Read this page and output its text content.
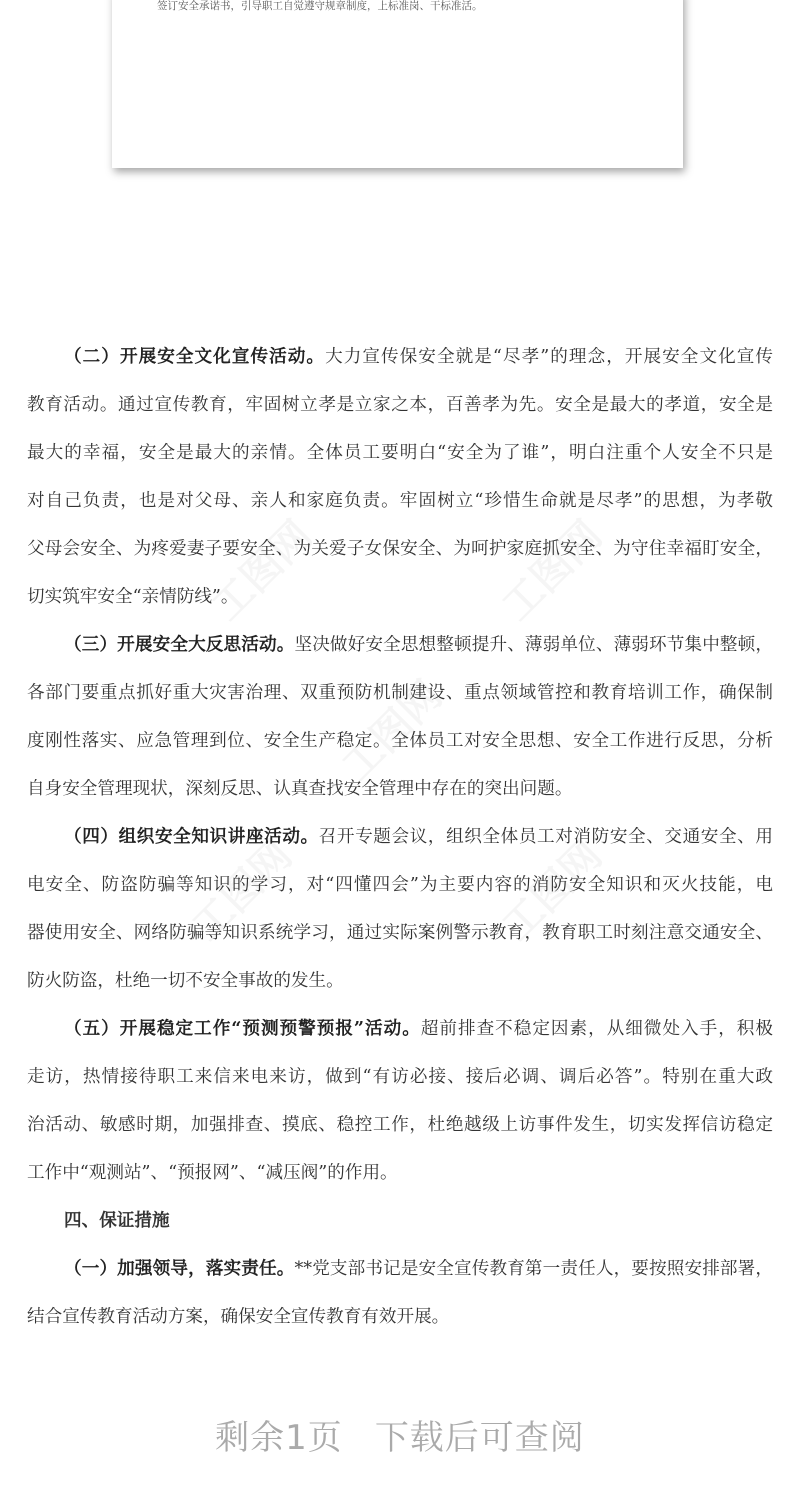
签订安全承诺书，引导职工自觉遵守规章制度，上标准岗、干标准活。
（二）开展安全文化宣传活动。大力宣传保安全就是“尽孝”的理念，开展安全文化宣传
教育活动。通过宣传教育，牢固树立孝是立家之本，百善孝为先。安全是最大的孝道，安全是
最大的幸福，安全是最大的亲情。全体员工要明白“安全为了谁”，明白注重个人安全不只是
对自己负责，也是对父母、亲人和家庭负责。牢固树立“珍惜生命就是尽孝”的思想，为孝敬
父母会安全、为疼爱妻子要安全、为关爱子女保安全、为呵护家庭抓安全、为守住幸福盯安全，
切实筑牢安全“亲情防线”。
（三）开展安全大反思活动。坚决做好安全思想整顿提升、薄弱单位、薄弱环节集中整顿，
各部门要重点抓好重大灾害治理、双重预防机制建设、重点领域管控和教育培训工作，确保制
度刚性落实、应急管理到位、安全生产稳定。全体员工对安全思想、安全工作进行反思，分析
自身安全管理现状，深刻反思、认真查找安全管理中存在的突出问题。
（四）组织安全知识讲座活动。召开专题会议，组织全体员工对消防安全、交通安全、用
电安全、防盗防骗等知识的学习，对“四懂四会”为主要内容的消防安全知识和灭火技能，电
器使用安全、网络防骗等知识系统学习，通过实际案例警示教育，教育职工时刻注意交通安全、
防火防盗，杜绝一切不安全事故的发生。
（五）开展稳定工作“预测预警预报”活动。超前排查不稳定因素，从细微处入手，积极
走访，热情接待职工来信来电来访，做到“有访必接、接后必调、调后必答”。特别在重大政
治活动、敏感时期，加强排查、摸底、稳控工作，杜绝越级上访事件发生，切实发挥信访稳定
工作中“观测站”、“预报网”、“减压阀”的作用。
四、保证措施
（一）加强领导，落实责任。**党支部书记是安全宣传教育第一责任人，要按照安排部署，
结合宣传教育活动方案，确保安全宣传教育有效开展。
剩余1页 下载后可查阅
